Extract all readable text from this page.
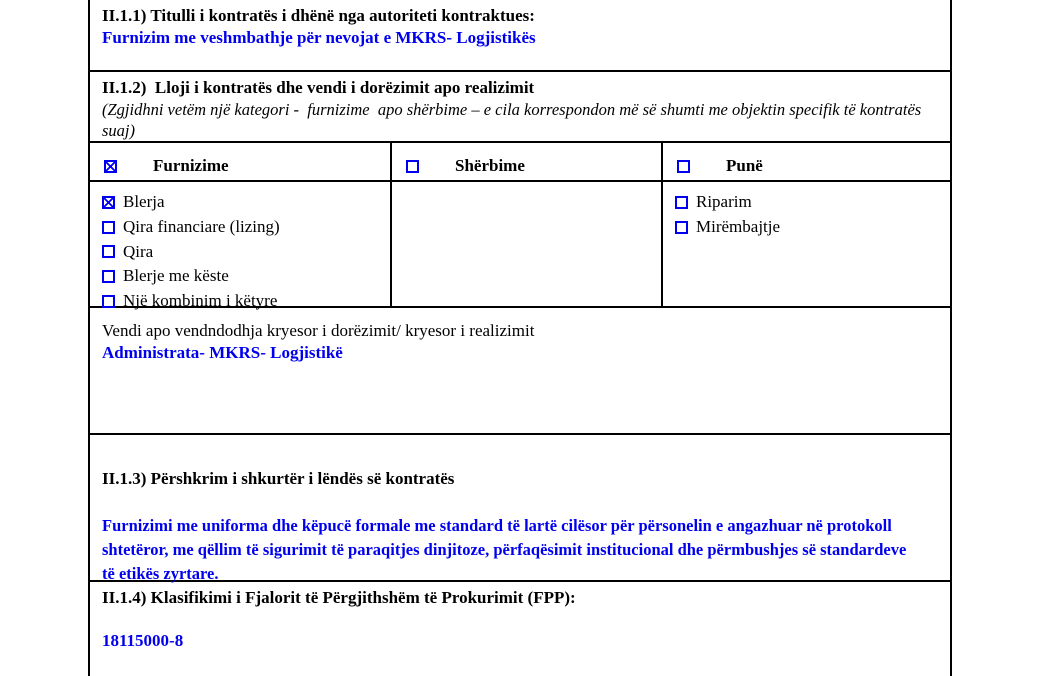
II.1.1) Titulli i kontratës i dhënë nga autoriteti kontraktues:
Furnizim me veshmbathje për nevojat e MKRS- Logjistikës
II.1.2)  Lloji i kontratës dhe vendi i dorëzimit apo realizimit
(Zgjidhni vetëm një kategori -  furnizime  apo shërbime – e cila korrespondon më së shumti me objektin specifik të kontratës suaj)
Furnizime	Shërbime	Punë
Blerja
Qira financiare (lizing)
Qira
Blerje me këste
Një kombinim i këtyre
Riparim
Mirëmbajtje
Vendi apo vendndodhja kryesor i dorëzimit/ kryesor i realizimit
Administrata- MKRS- Logjistikë
II.1.3) Përshkrim i shkurtër i lëndës së kontratës
Furnizimi me uniforma dhe këpucë formale me standard të lartë cilësor për përsonelin e angazhuar në protokoll shtetëror, me qëllim të sigurimit të paraqitjes dinjitoze, përfaqësimit institucional dhe përmbushjes së standardeve të etikës zyrtare.
II.1.4) Klasifikimi i Fjalorit të Përgjithshëm të Prokurimit (FPP):
18115000-8
